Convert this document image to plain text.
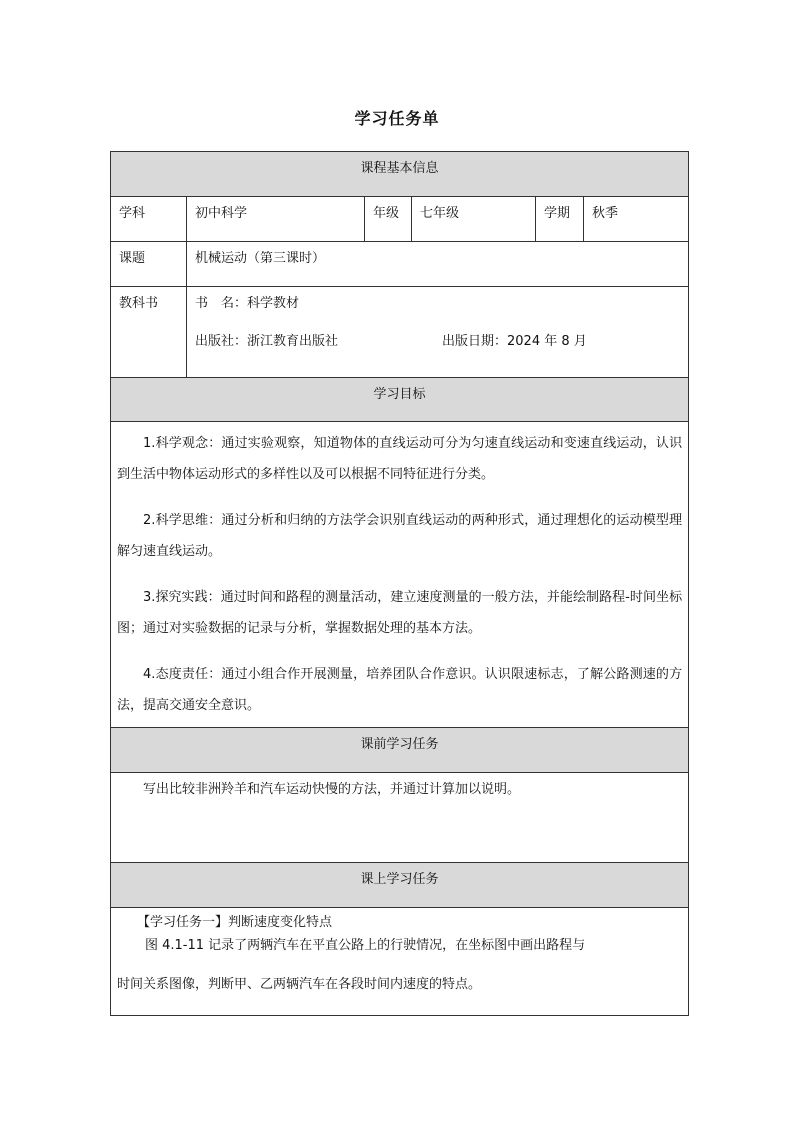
学习任务单
课程基本信息					
学科	初中科学	年级	七年级	学期	秋季
课题	机械运动（第三课时）				
教科书	书　名：科学教材
出版社：浙江教育出版社 出版日期：2024 年 8 月				

学习目标					

1.科学观念：通过实验观察，知道物体的直线运动可分为匀速直线运动和变速直线运动，认识到生活中物体运动形式的多样性以及可以根据不同特征进行分类。

2.科学思维：通过分析和归纳的方法学会识别直线运动的两种形式，通过理想化的运动模型理解匀速直线运动。

3.探究实践：通过时间和路程的测量活动，建立速度测量的一般方法，并能绘制路程-时间坐标图；通过对实验数据的记录与分析，掌握数据处理的基本方法。

4.态度责任：通过小组合作开展测量，培养团队合作意识。认识限速标志，了解公路测速的方法，提高交通安全意识。					

课前学习任务					

写出比较非洲羚羊和汽车运动快慢的方法，并通过计算加以说明。					

课上学习任务					

【学习任务一】判断速度变化特点
图 4.1-11 记录了两辆汽车在平直公路上的行驶情况，在坐标图中画出路程与
时间关系图像，判断甲、乙两辆汽车在各段时间内速度的特点。					
